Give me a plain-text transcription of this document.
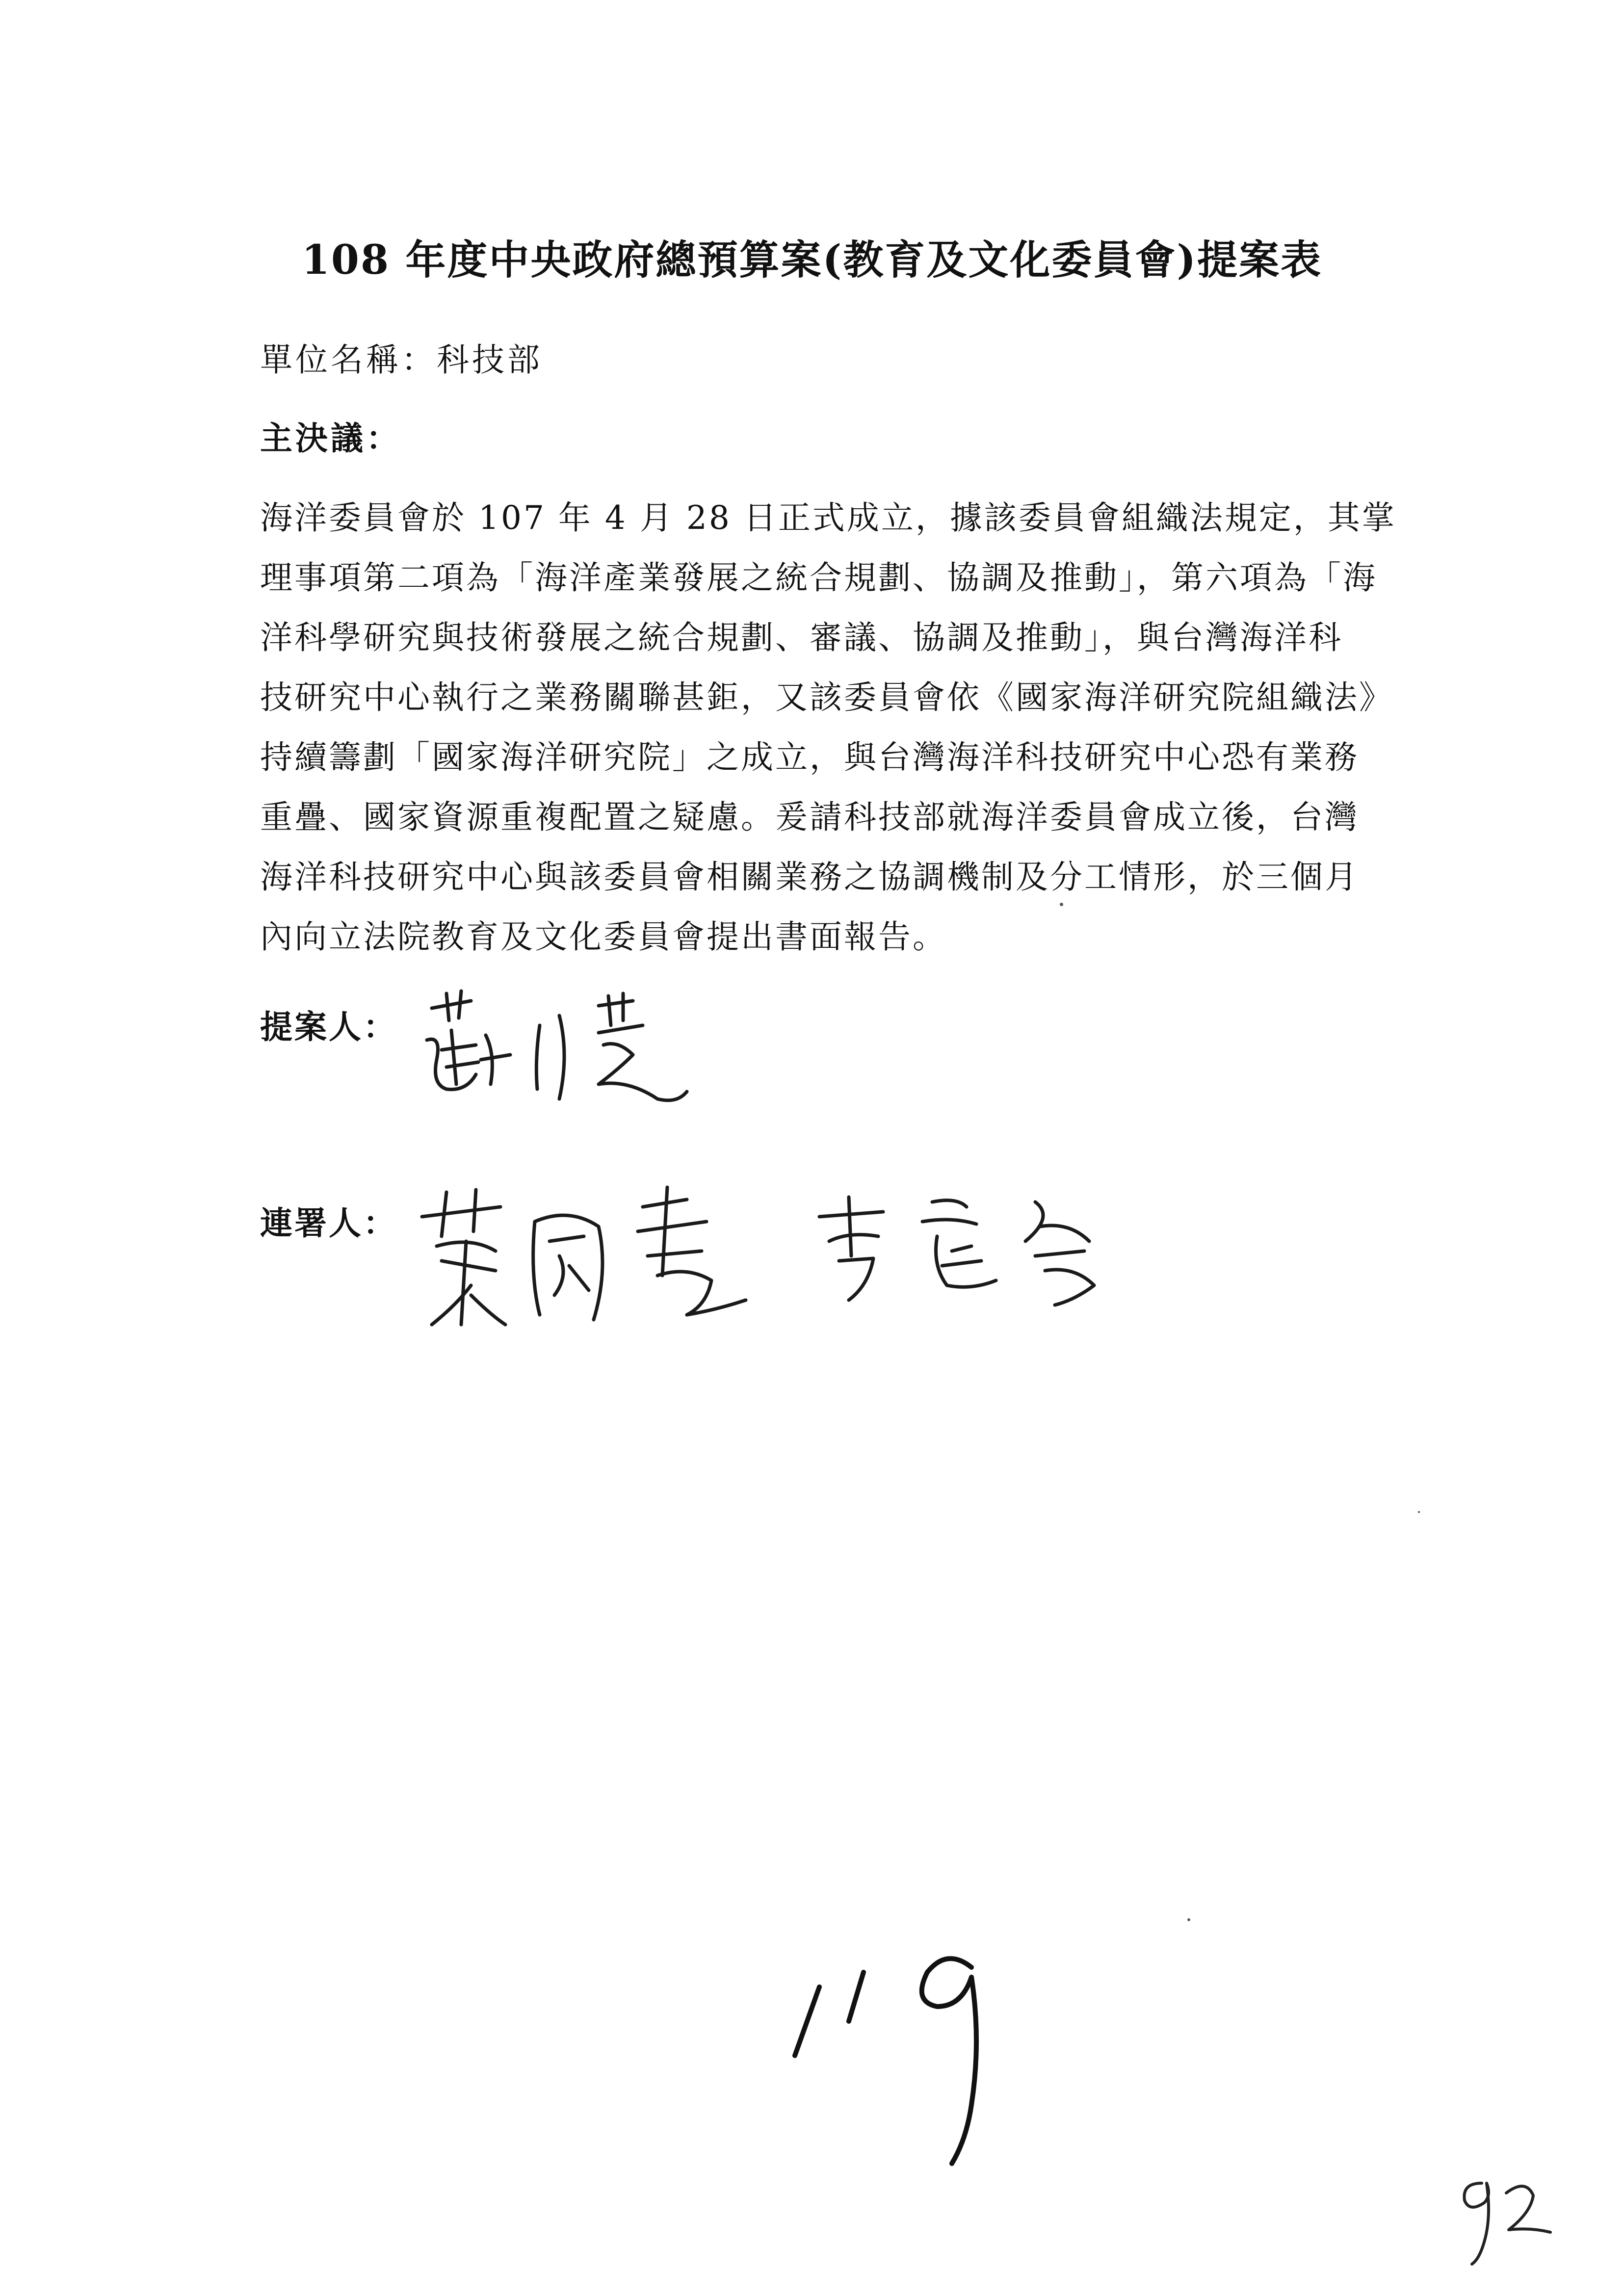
108 年度中央政府總預算案(教育及文化委員會)提案表
單位名稱：科技部
主決議：
海洋委員會於 107 年 4 月 28 日正式成立，據該委員會組織法規定，其掌
理事項第二項為「海洋產業發展之統合規劃、協調及推動」，第六項為「海
洋科學研究與技術發展之統合規劃、審議、協調及推動」，與台灣海洋科
技研究中心執行之業務關聯甚鉅，又該委員會依《國家海洋研究院組織法》
持續籌劃「國家海洋研究院」之成立，與台灣海洋科技研究中心恐有業務
重疊、國家資源重複配置之疑慮。爰請科技部就海洋委員會成立後，台灣
海洋科技研究中心與該委員會相關業務之協調機制及分工情形，於三個月
內向立法院教育及文化委員會提出書面報告。
提案人：
連署人：
